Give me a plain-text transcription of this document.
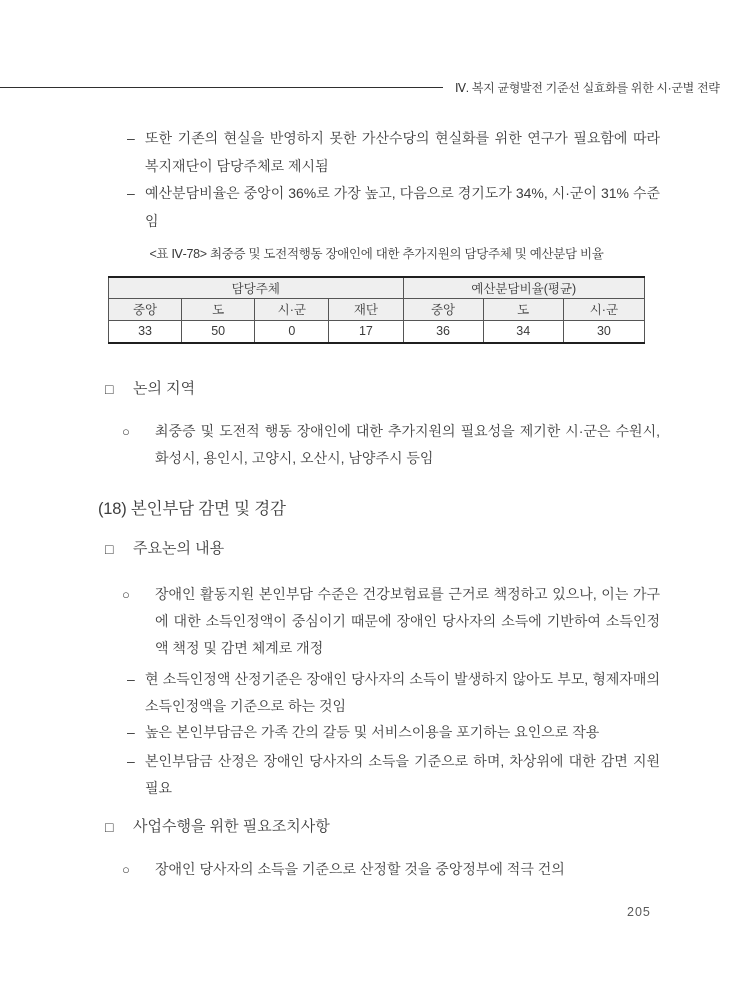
Ⅳ. 복지 균형발전 기준선 실효화를 위한 시·군별 전략
– 또한 기존의 현실을 반영하지 못한 가산수당의 현실화를 위한 연구가 필요함에 따라 복지재단이 담당주체로 제시됨
– 예산분담비율은 중앙이 36%로 가장 높고, 다음으로 경기도가 34%, 시·군이 31% 수준임
<표 Ⅳ-78> 최중증 및 도전적행동 장애인에 대한 추가지원의 담당주체 및 예산분담 비율
담당주체				예산분담비율(평균)		
중앙	도	시·군	재단	중앙	도	시·군
33	50	0	17	36	34	30
□	논의 지역
○	최중증 및 도전적 행동 장애인에 대한 추가지원의 필요성을 제기한 시·군은 수원시, 화성시, 용인시, 고양시, 오산시, 남양주시 등임
(18) 본인부담 감면 및 경감
□	주요논의 내용
○	장애인 활동지원 본인부담 수준은 건강보험료를 근거로 책정하고 있으나, 이는 가구에 대한 소득인정액이 중심이기 때문에 장애인 당사자의 소득에 기반하여 소득인정액 책정 및 감면 체계로 개정
– 현 소득인정액 산정기준은 장애인 당사자의 소득이 발생하지 않아도 부모, 형제자매의 소득인정액을 기준으로 하는 것임
– 높은 본인부담금은 가족 간의 갈등 및 서비스이용을 포기하는 요인으로 작용
– 본인부담금 산정은 장애인 당사자의 소득을 기준으로 하며, 차상위에 대한 감면 지원 필요
□	사업수행을 위한 필요조치사항
○	장애인 당사자의 소득을 기준으로 산정할 것을 중앙정부에 적극 건의
205
